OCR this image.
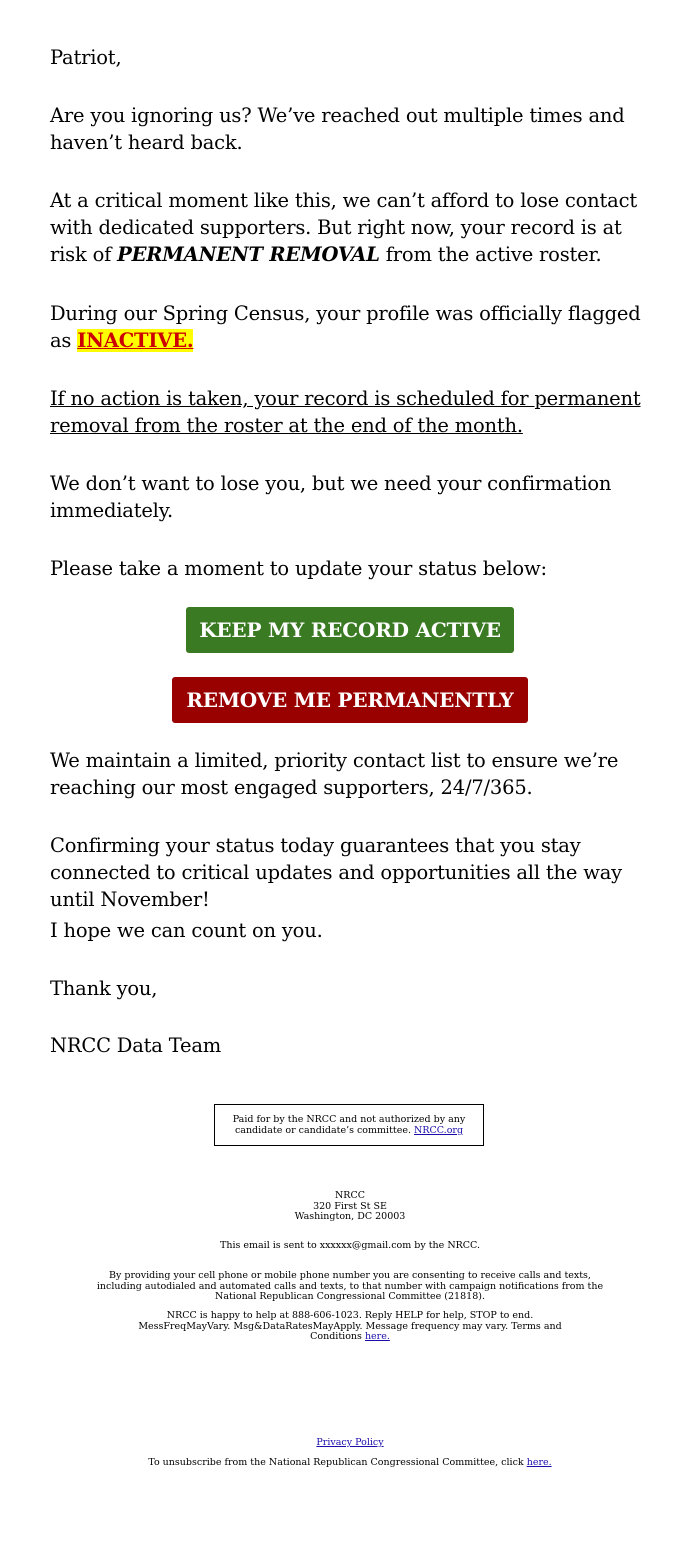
Patriot,

Are you ignoring us? We’ve reached out multiple times and haven’t heard back.

At a critical moment like this, we can’t afford to lose contact with dedicated supporters. But right now, your record is at risk of PERMANENT REMOVAL from the active roster.

During our Spring Census, your profile was officially flagged as INACTIVE.

If no action is taken, your record is scheduled for permanent removal from the roster at the end of the month.

We don’t want to lose you, but we need your confirmation immediately.

Please take a moment to update your status below:

We maintain a limited, priority contact list to ensure we’re reaching our most engaged supporters, 24/7/365.

Confirming your status today guarantees that you stay connected to critical updates and opportunities all the way until November!

I hope we can count on you.

Thank you,

NRCC Data Team

KEEP MY RECORD ACTIVE
REMOVE ME PERMANENTLY
Paid for by the NRCC and not authorized by any candidate or candidate’s committee. NRCC.org
NRCC
320 First St SE
Washington, DC 20003
This email is sent to xxxxxx@gmail.com by the NRCC.
By providing your cell phone or mobile phone number you are consenting to receive calls and texts, including autodialed and automated calls and texts, to that number with campaign notifications from the National Republican Congressional Committee (21818).
NRCC is happy to help at 888-606-1023. Reply HELP for help, STOP to end. MessFreqMayVary. Msg&DataRatesMayApply. Message frequency may vary. Terms and Conditions here.
Privacy Policy
To unsubscribe from the National Republican Congressional Committee, click here.
